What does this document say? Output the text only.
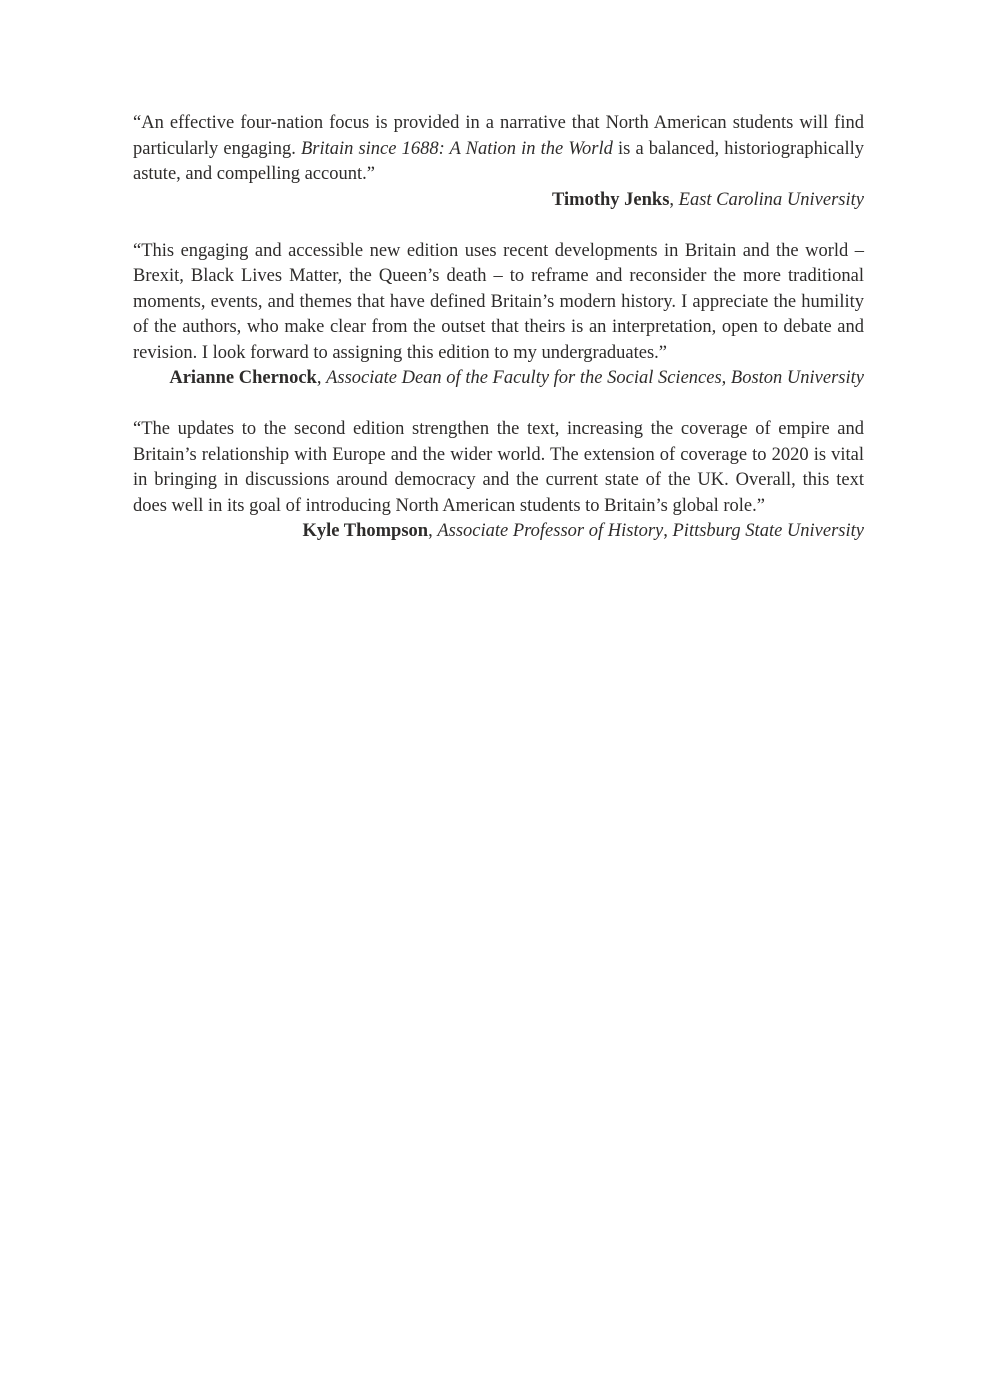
“An effective four-nation focus is provided in a narrative that North American students will find particularly engaging. Britain since 1688: A Nation in the World is a balanced, historiographically astute, and compelling account.”

Timothy Jenks, East Carolina University

“This engaging and accessible new edition uses recent developments in Britain and the world – Brexit, Black Lives Matter, the Queen’s death – to reframe and reconsider the more traditional moments, events, and themes that have defined Britain’s modern history. I appreciate the humility of the authors, who make clear from the outset that theirs is an interpretation, open to debate and revision. I look forward to assigning this edition to my undergraduates.”

Arianne Chernock, Associate Dean of the Faculty for the Social Sciences, Boston University

“The updates to the second edition strengthen the text, increasing the coverage of empire and Britain’s relationship with Europe and the wider world. The extension of coverage to 2020 is vital in bringing in discussions around democracy and the current state of the UK. Overall, this text does well in its goal of introducing North American students to Britain’s global role.”

Kyle Thompson, Associate Professor of History, Pittsburg State University
